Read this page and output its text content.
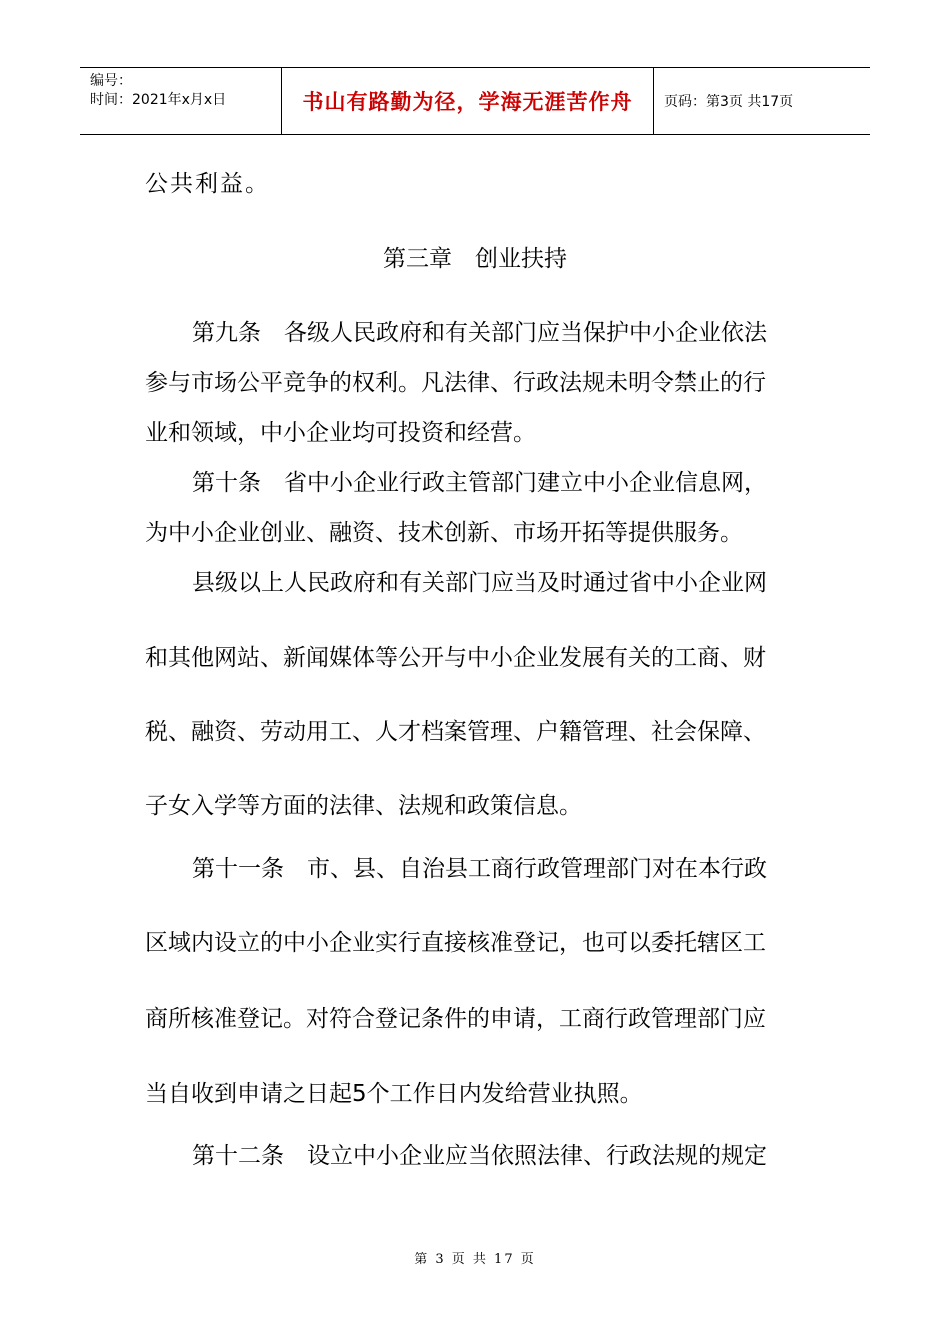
编号：
时间：2021年x月x日	书山有路勤为径，学海无涯苦作舟	页码：第3页 共17页
公共利益。
第三章 创业扶持
第九条　各级人民政府和有关部门应当保护中小企业依法
参与市场公平竞争的权利。凡法律、行政法规未明令禁止的行
业和领域，中小企业均可投资和经营。
第十条　省中小企业行政主管部门建立中小企业信息网，
为中小企业创业、融资、技术创新、市场开拓等提供服务。
县级以上人民政府和有关部门应当及时通过省中小企业网
和其他网站、新闻媒体等公开与中小企业发展有关的工商、财
税、融资、劳动用工、人才档案管理、户籍管理、社会保障、
子女入学等方面的法律、法规和政策信息。
第十一条　市、县、自治县工商行政管理部门对在本行政
区域内设立的中小企业实行直接核准登记，也可以委托辖区工
商所核准登记。对符合登记条件的申请，工商行政管理部门应
当自收到申请之日起5个工作日内发给营业执照。
第十二条　设立中小企业应当依照法律、行政法规的规定
第 3 页 共 17 页
